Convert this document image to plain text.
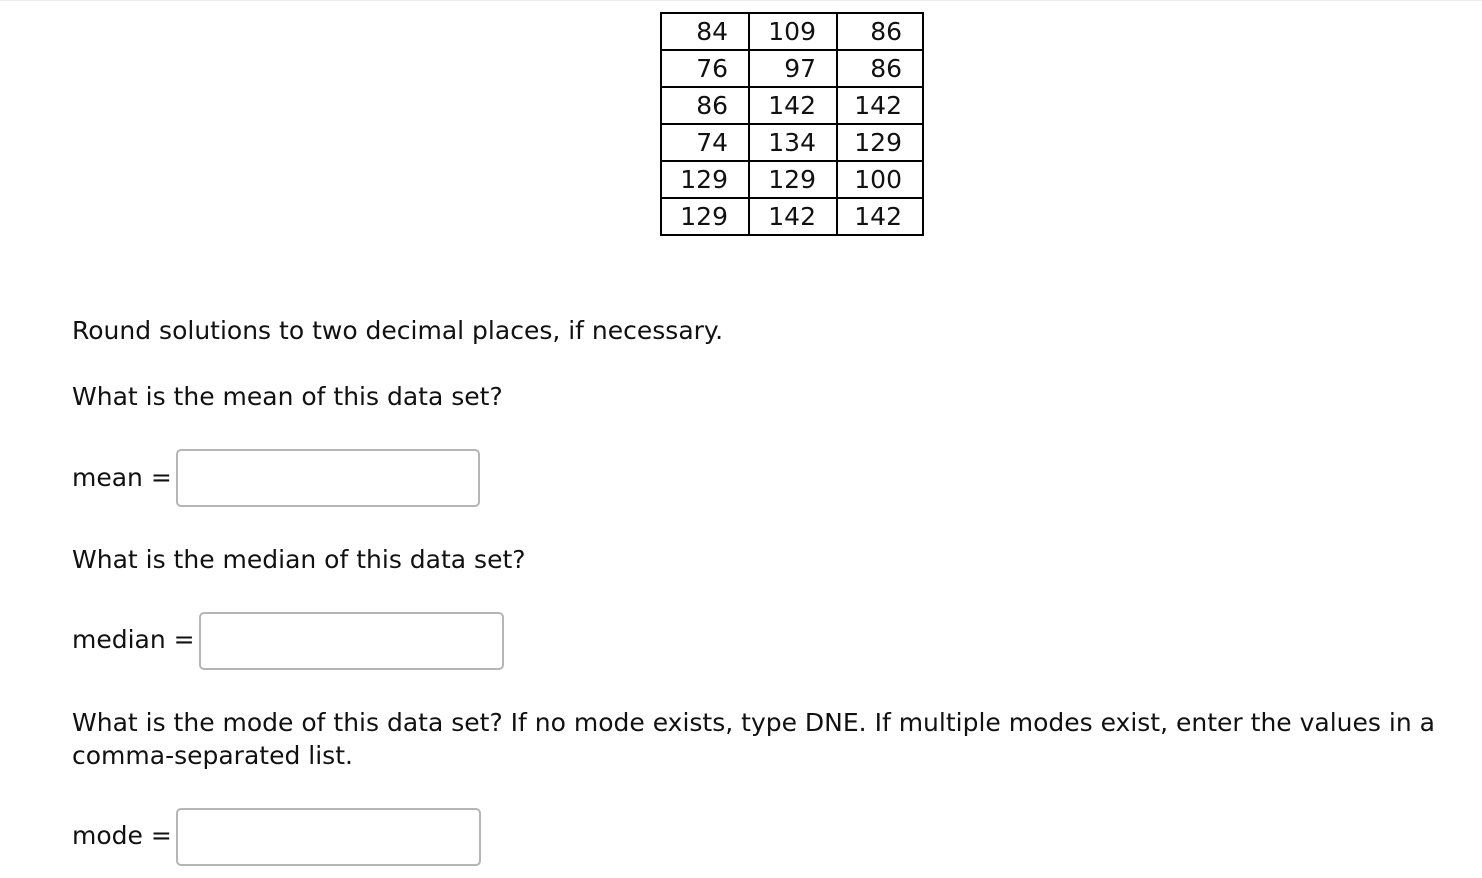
84	109	86
76	97	86
86	142	142
74	134	129
129	129	100
129	142	142
Round solutions to two decimal places, if necessary.
What is the mean of this data set?
mean =
What is the median of this data set?
median =
What is the mode of this data set? If no mode exists, type DNE. If multiple modes exist, enter the values in a comma-separated list.
mode =
